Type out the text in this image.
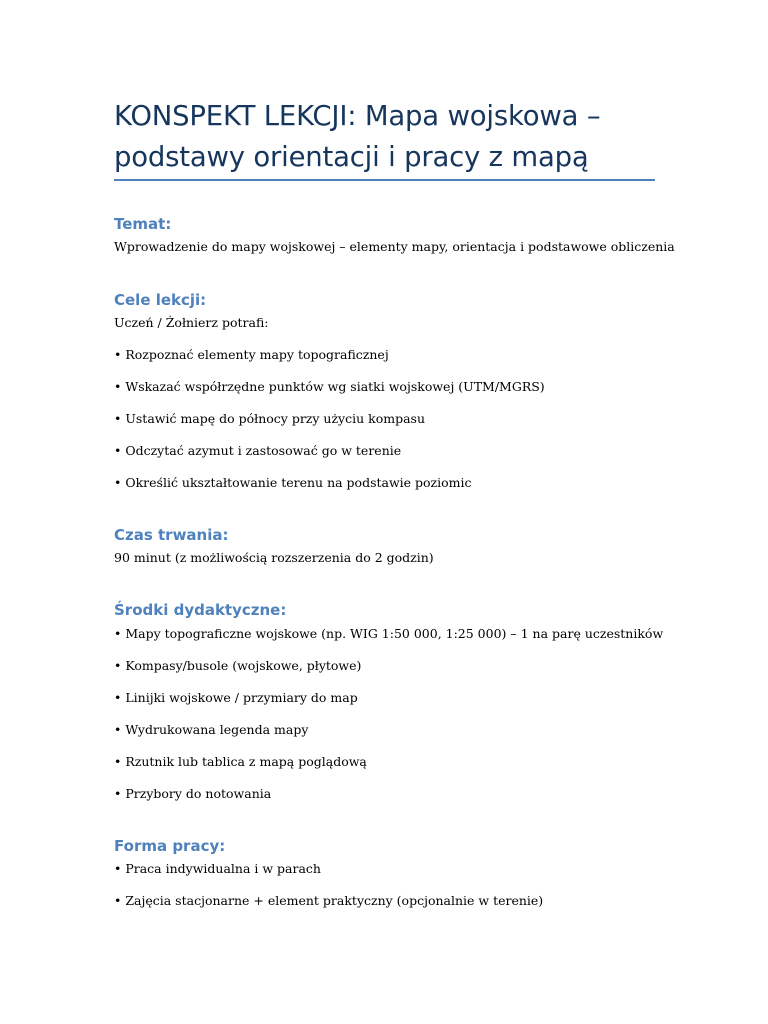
KONSPEKT LEKCJI: Mapa wojskowa – podstawy orientacji i pracy z mapą
Temat:
Wprowadzenie do mapy wojskowej – elementy mapy, orientacja i podstawowe obliczenia
Cele lekcji:
Uczeń / Żołnierz potrafi:
• Rozpoznać elementy mapy topograficznej
• Wskazać współrzędne punktów wg siatki wojskowej (UTM/MGRS)
• Ustawić mapę do północy przy użyciu kompasu
• Odczytać azymut i zastosować go w terenie
• Określić ukształtowanie terenu na podstawie poziomic
Czas trwania:
90 minut (z możliwością rozszerzenia do 2 godzin)
Środki dydaktyczne:
• Mapy topograficzne wojskowe (np. WIG 1:50 000, 1:25 000) – 1 na parę uczestników
• Kompasy/busole (wojskowe, płytowe)
• Linijki wojskowe / przymiary do map
• Wydrukowana legenda mapy
• Rzutnik lub tablica z mapą poglądową
• Przybory do notowania
Forma pracy:
• Praca indywidualna i w parach
• Zajęcia stacjonarne + element praktyczny (opcjonalnie w terenie)
